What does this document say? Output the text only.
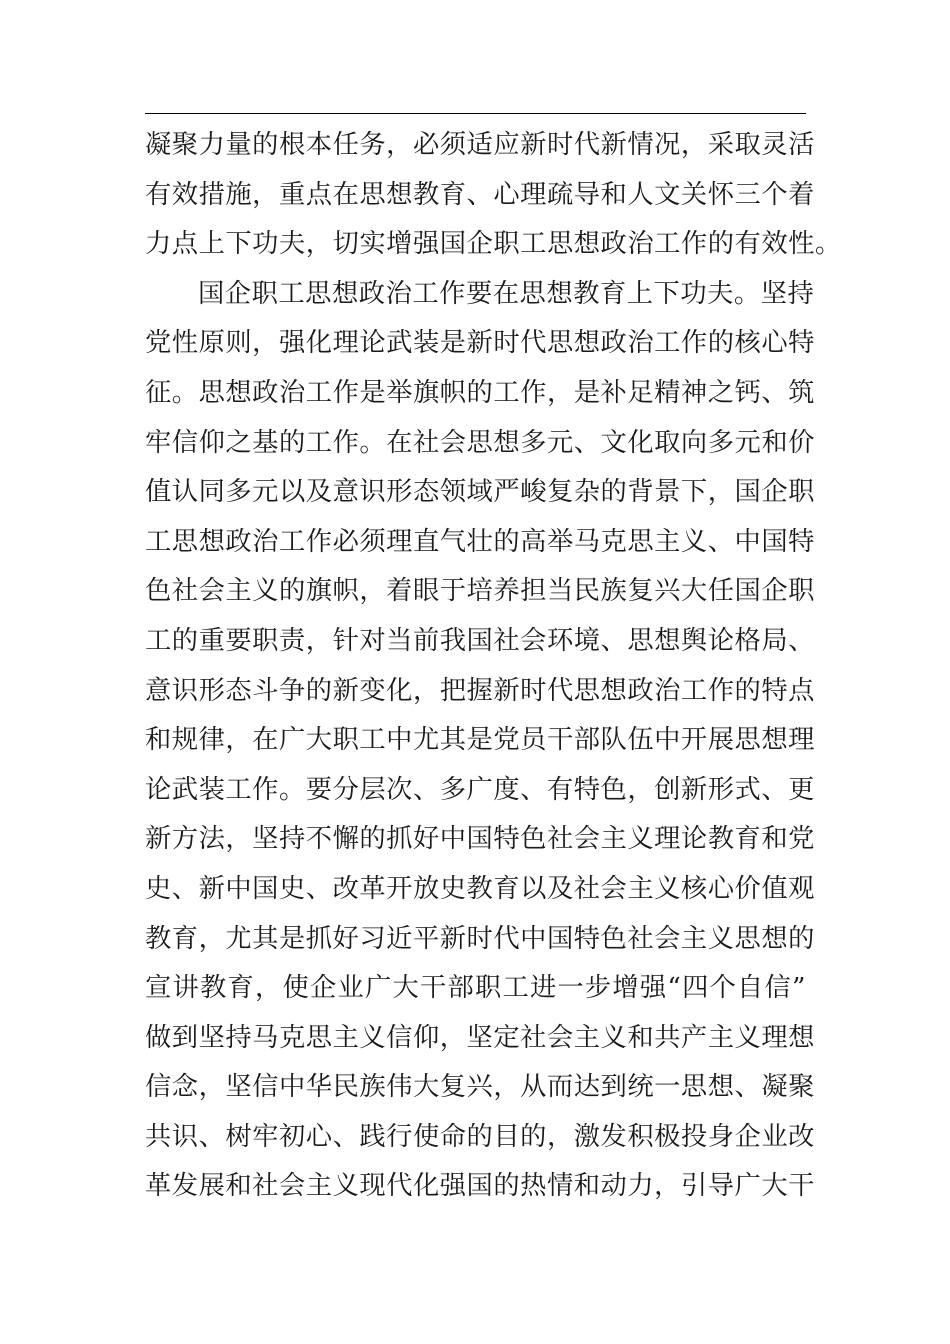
凝聚力量的根本任务，必须适应新时代新情况，采取灵活
有效措施，重点在思想教育、心理疏导和人文关怀三个着
力点上下功夫，切实增强国企职工思想政治工作的有效性。
国企职工思想政治工作要在思想教育上下功夫。坚持
党性原则，强化理论武装是新时代思想政治工作的核心特
征。思想政治工作是举旗帜的工作，是补足精神之钙、筑
牢信仰之基的工作。在社会思想多元、文化取向多元和价
值认同多元以及意识形态领域严峻复杂的背景下，国企职
工思想政治工作必须理直气壮的高举马克思主义、中国特
色社会主义的旗帜，着眼于培养担当民族复兴大任国企职
工的重要职责，针对当前我国社会环境、思想舆论格局、
意识形态斗争的新变化，把握新时代思想政治工作的特点
和规律，在广大职工中尤其是党员干部队伍中开展思想理
论武装工作。要分层次、多广度、有特色，创新形式、更
新方法，坚持不懈的抓好中国特色社会主义理论教育和党
史、新中国史、改革开放史教育以及社会主义核心价值观
教育，尤其是抓好习近平新时代中国特色社会主义思想的
宣讲教育，使企业广大干部职工进一步增强“四个自信”
做到坚持马克思主义信仰，坚定社会主义和共产主义理想
信念，坚信中华民族伟大复兴，从而达到统一思想、凝聚
共识、树牢初心、践行使命的目的，激发积极投身企业改
革发展和社会主义现代化强国的热情和动力，引导广大干
